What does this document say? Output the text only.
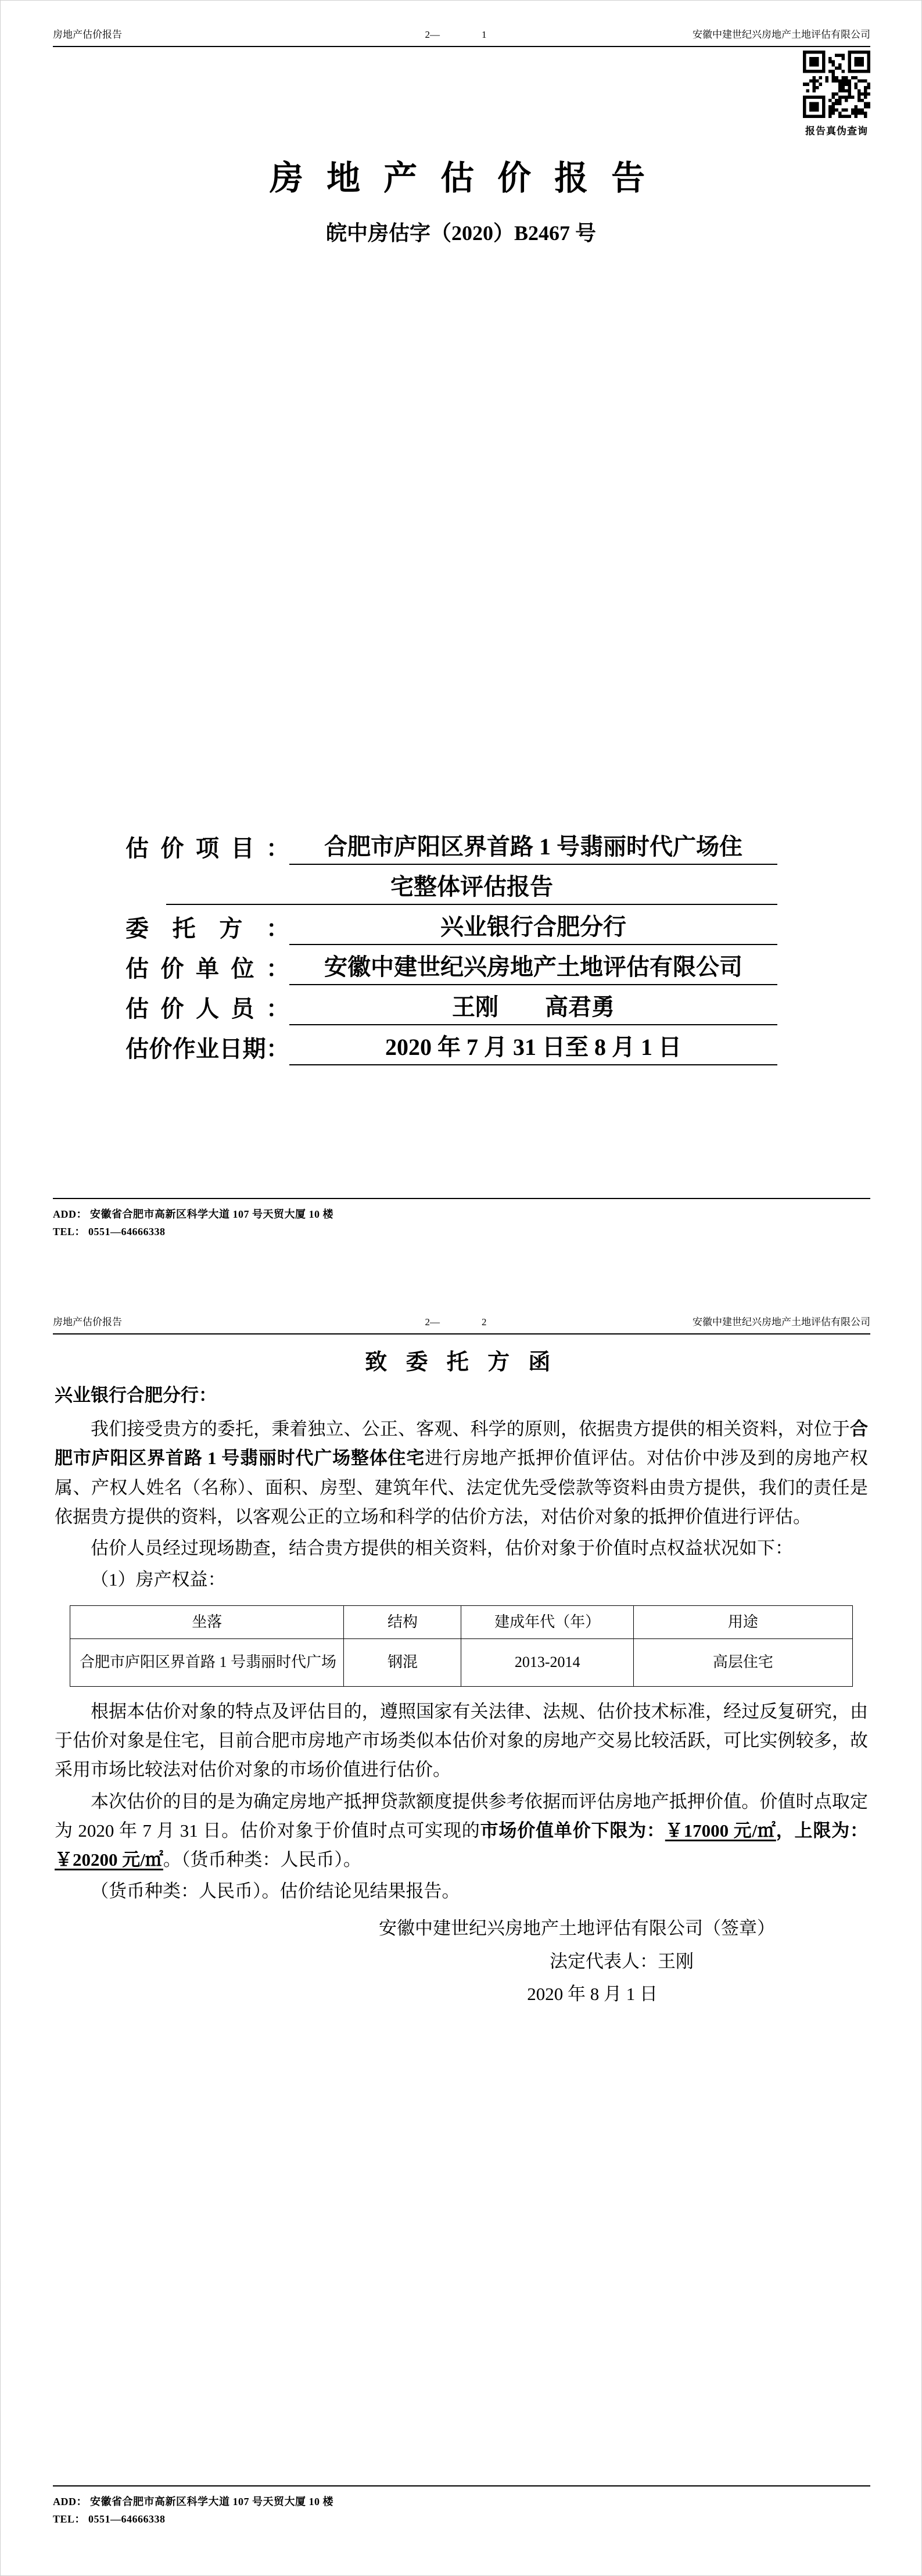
房地产估价报告	2—	1	安徽中建世纪兴房地产土地评估有限公司
报告真伪查询
房 地 产 估 价 报 告
皖中房估字（2020）B2467 号
估价项目：	合肥市庐阳区界首路 1 号翡丽时代广场住
宅整体评估报告
委托方：	兴业银行合肥分行
估价单位：	安徽中建世纪兴房地产土地评估有限公司
估价人员：	王刚　　高君勇
估价作业日期：	2020 年 7 月 31 日至 8 月 1 日
ADD： 安徽省合肥市高新区科学大道 107 号天贸大厦 10 楼
TEL： 0551—64666338
房地产估价报告	2—	2	安徽中建世纪兴房地产土地评估有限公司
致 委 托 方 函
兴业银行合肥分行：

我们接受贵方的委托，秉着独立、公正、客观、科学的原则，依据贵方提供的相关资料，对位于合肥市庐阳区界首路 1 号翡丽时代广场整体住宅进行房地产抵押价值评估。对估价中涉及到的房地产权属、产权人姓名（名称）、面积、房型、建筑年代、法定优先受偿款等资料由贵方提供，我们的责任是依据贵方提供的资料，以客观公正的立场和科学的估价方法，对估价对象的抵押价值进行评估。

估价人员经过现场勘查，结合贵方提供的相关资料，估价对象于价值时点权益状况如下：

（1）房产权益：

坐落	结构	建成年代（年）	用途
合肥市庐阳区界首路 1 号翡丽时代广场	钢混	2013-2014	高层住宅

根据本估价对象的特点及评估目的，遵照国家有关法律、法规、估价技术标准，经过反复研究，由于估价对象是住宅，目前合肥市房地产市场类似本估价对象的房地产交易比较活跃，可比实例较多，故采用市场比较法对估价对象的市场价值进行估价。

本次估价的目的是为确定房地产抵押贷款额度提供参考依据而评估房地产抵押价值。价值时点取定为 2020 年 7 月 31 日。估价对象于价值时点可实现的市场价值单价下限为：￥17000 元/㎡，上限为：￥20200 元/㎡。（货币种类：人民币）。

（货币种类：人民币）。估价结论见结果报告。

安徽中建世纪兴房地产土地评估有限公司（签章）
法定代表人：王刚
2020 年 8 月 1 日
ADD： 安徽省合肥市高新区科学大道 107 号天贸大厦 10 楼
TEL： 0551—64666338
